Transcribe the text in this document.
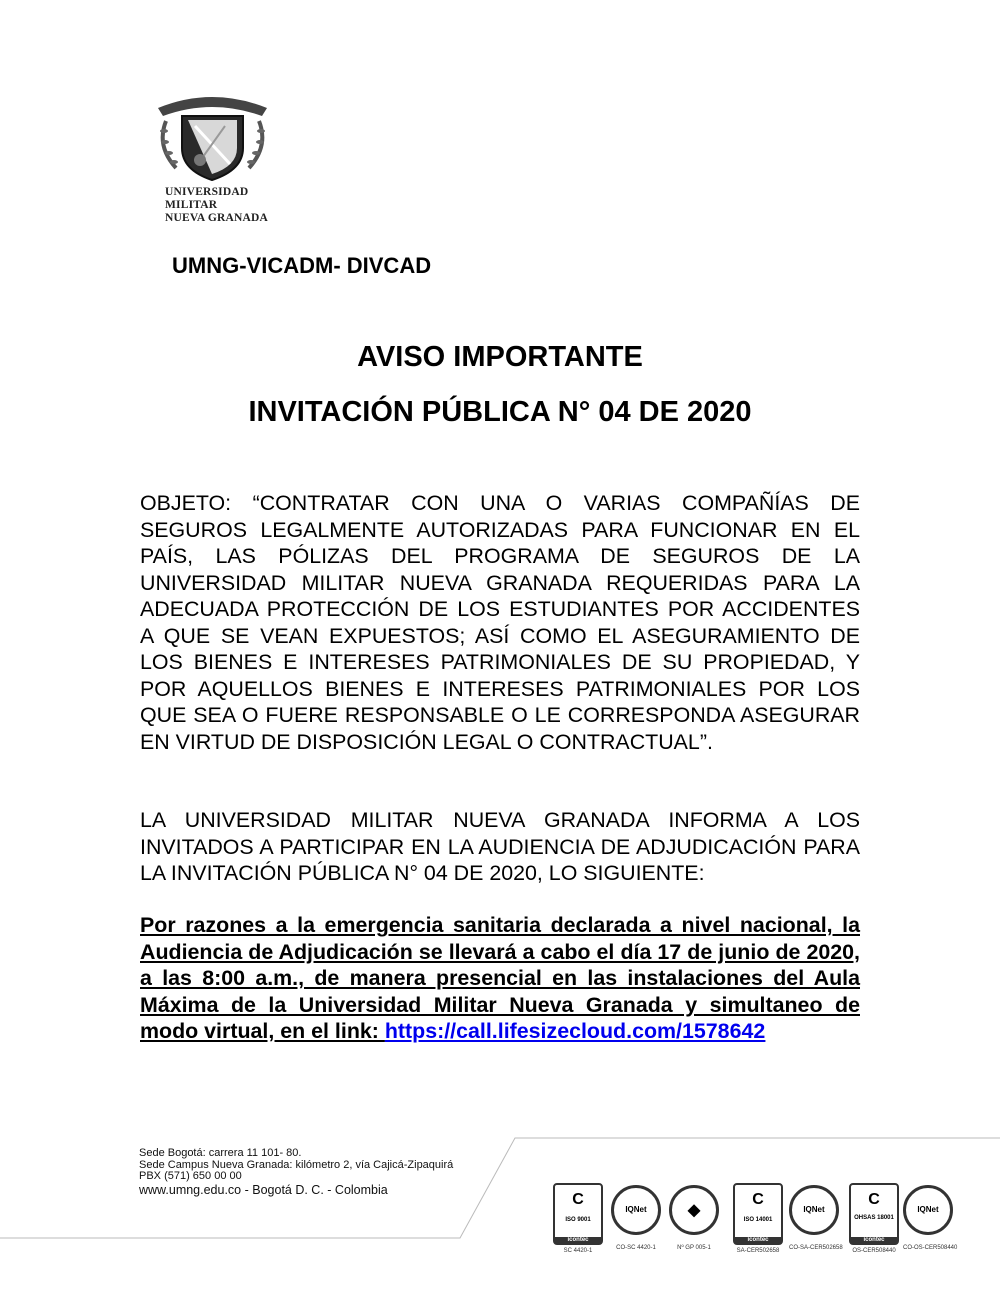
UNIVERSIDAD MILITAR
NUEVA GRANADA
UMNG-VICADM- DIVCAD
AVISO IMPORTANTE
INVITACIÓN PÚBLICA N° 04 DE 2020
OBJETO: “CONTRATAR CON UNA O VARIAS COMPAÑÍAS DE SEGUROS LEGALMENTE AUTORIZADAS PARA FUNCIONAR EN EL PAÍS, LAS PÓLIZAS DEL PROGRAMA DE SEGUROS DE LA UNIVERSIDAD MILITAR NUEVA GRANADA REQUERIDAS PARA LA ADECUADA PROTECCIÓN DE LOS ESTUDIANTES POR ACCIDENTES A QUE SE VEAN EXPUESTOS; ASÍ COMO EL ASEGURAMIENTO DE LOS BIENES E INTERESES PATRIMONIALES DE SU PROPIEDAD, Y POR AQUELLOS BIENES E INTERESES PATRIMONIALES POR LOS QUE SEA O FUERE RESPONSABLE O LE CORRESPONDA ASEGURAR EN VIRTUD DE DISPOSICIÓN LEGAL O CONTRACTUAL”.
LA UNIVERSIDAD MILITAR NUEVA GRANADA INFORMA A LOS INVITADOS A PARTICIPAR EN LA AUDIENCIA DE ADJUDICACIÓN PARA LA INVITACIÓN PÚBLICA N° 04 DE 2020, LO SIGUIENTE:
Por razones a la emergencia sanitaria declarada a nivel nacional, la Audiencia de Adjudicación se llevará a cabo el día 17 de junio de 2020, a las 8:00 a.m., de manera presencial en las instalaciones del Aula Máxima de la Universidad Militar Nueva Granada y simultaneo de modo virtual, en el link: https://call.lifesizecloud.com/1578642
Sede Bogotá: carrera 11 101- 80.
Sede Campus Nueva Granada: kilómetro 2, vía Cajicá-Zipaquirá
PBX (571) 650 00 00
www.umng.edu.co - Bogotá D. C. - Colombia
C
ISO 9001
icontec
SC 4420-1
IQNet
CO-SC 4420-1
◆
Nº GP 005-1
C
ISO 14001
icontec
SA-CER502658
IQNet
CO-SA-CER502658
C
OHSAS 18001
icontec
OS-CER508440
IQNet
CO-OS-CER508440
